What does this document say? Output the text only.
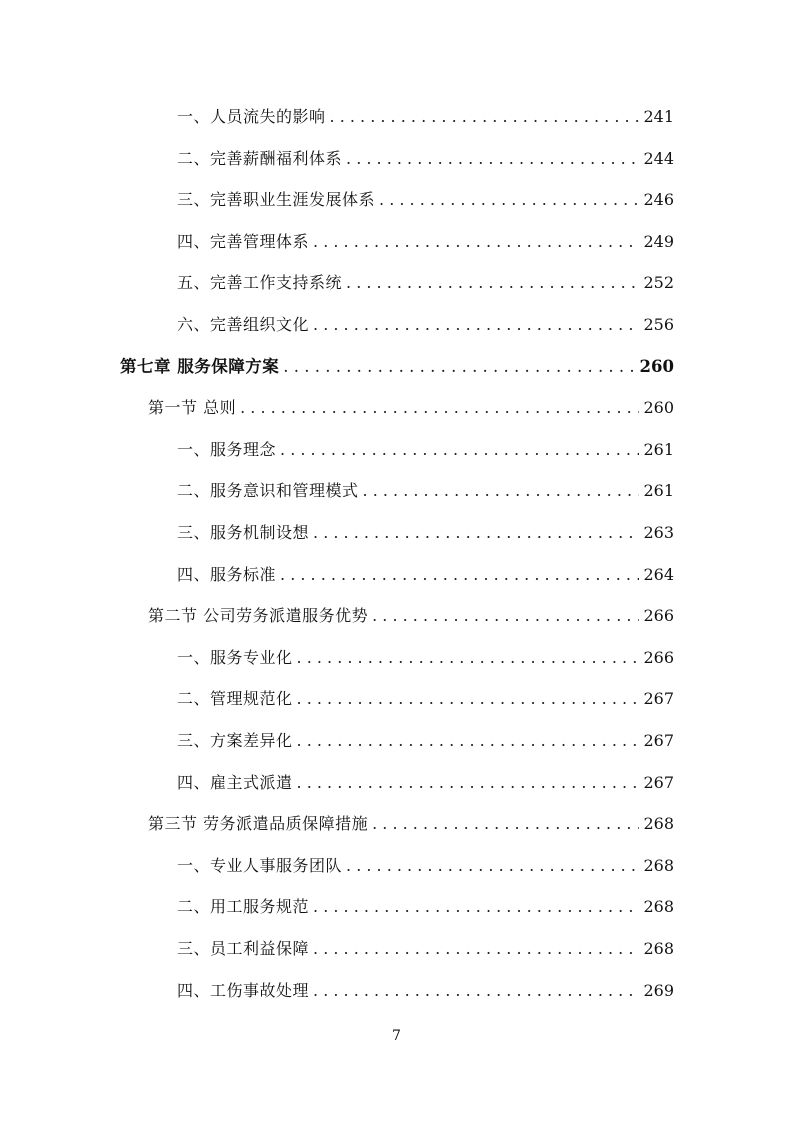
一、人员流失的影响 . . .	241
二、完善薪酬福利体系 . . .	244
三、完善职业生涯发展体系 . . .	246
四、完善管理体系 . . .	249
五、完善工作支持系统 . . .	252
六、完善组织文化 . . .	256
第七章 服务保障方案 . . .	260
第一节 总则 . . .	260
一、服务理念 . . .	261
二、服务意识和管理模式 . . .	261
三、服务机制设想 . . .	263
四、服务标准 . . .	264
第二节 公司劳务派遣服务优势 . . .	266
一、服务专业化 . . .	266
二、管理规范化 . . .	267
三、方案差异化 . . .	267
四、雇主式派遣 . . .	267
第三节 劳务派遣品质保障措施 . . .	268
一、专业人事服务团队 . . .	268
二、用工服务规范 . . .	268
三、员工利益保障 . . .	268
四、工伤事故处理 . . .	269
7
